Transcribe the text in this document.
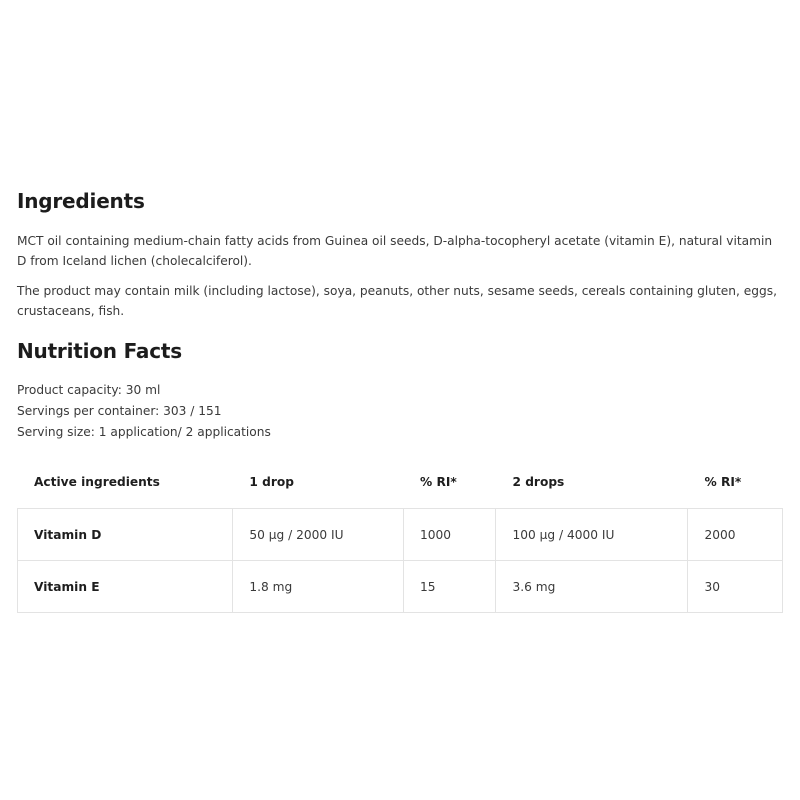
Ingredients

MCT oil containing medium-chain fatty acids from Guinea oil seeds, D-alpha-tocopheryl acetate (vitamin E), natural vitamin D from Iceland lichen (cholecalciferol).

The product may contain milk (including lactose), soya, peanuts, other nuts, sesame seeds, cereals containing gluten, eggs, crustaceans, fish.

Nutrition Facts

Product capacity: 30 ml

Servings per container: 303 / 151

Serving size: 1 application/ 2 applications

Active ingredients	1 drop	% RI*	2 drops	% RI*
Vitamin D	50 µg / 2000 IU	1000	100 µg / 4000 IU	2000
Vitamin E	1.8 mg	15	3.6 mg	30
